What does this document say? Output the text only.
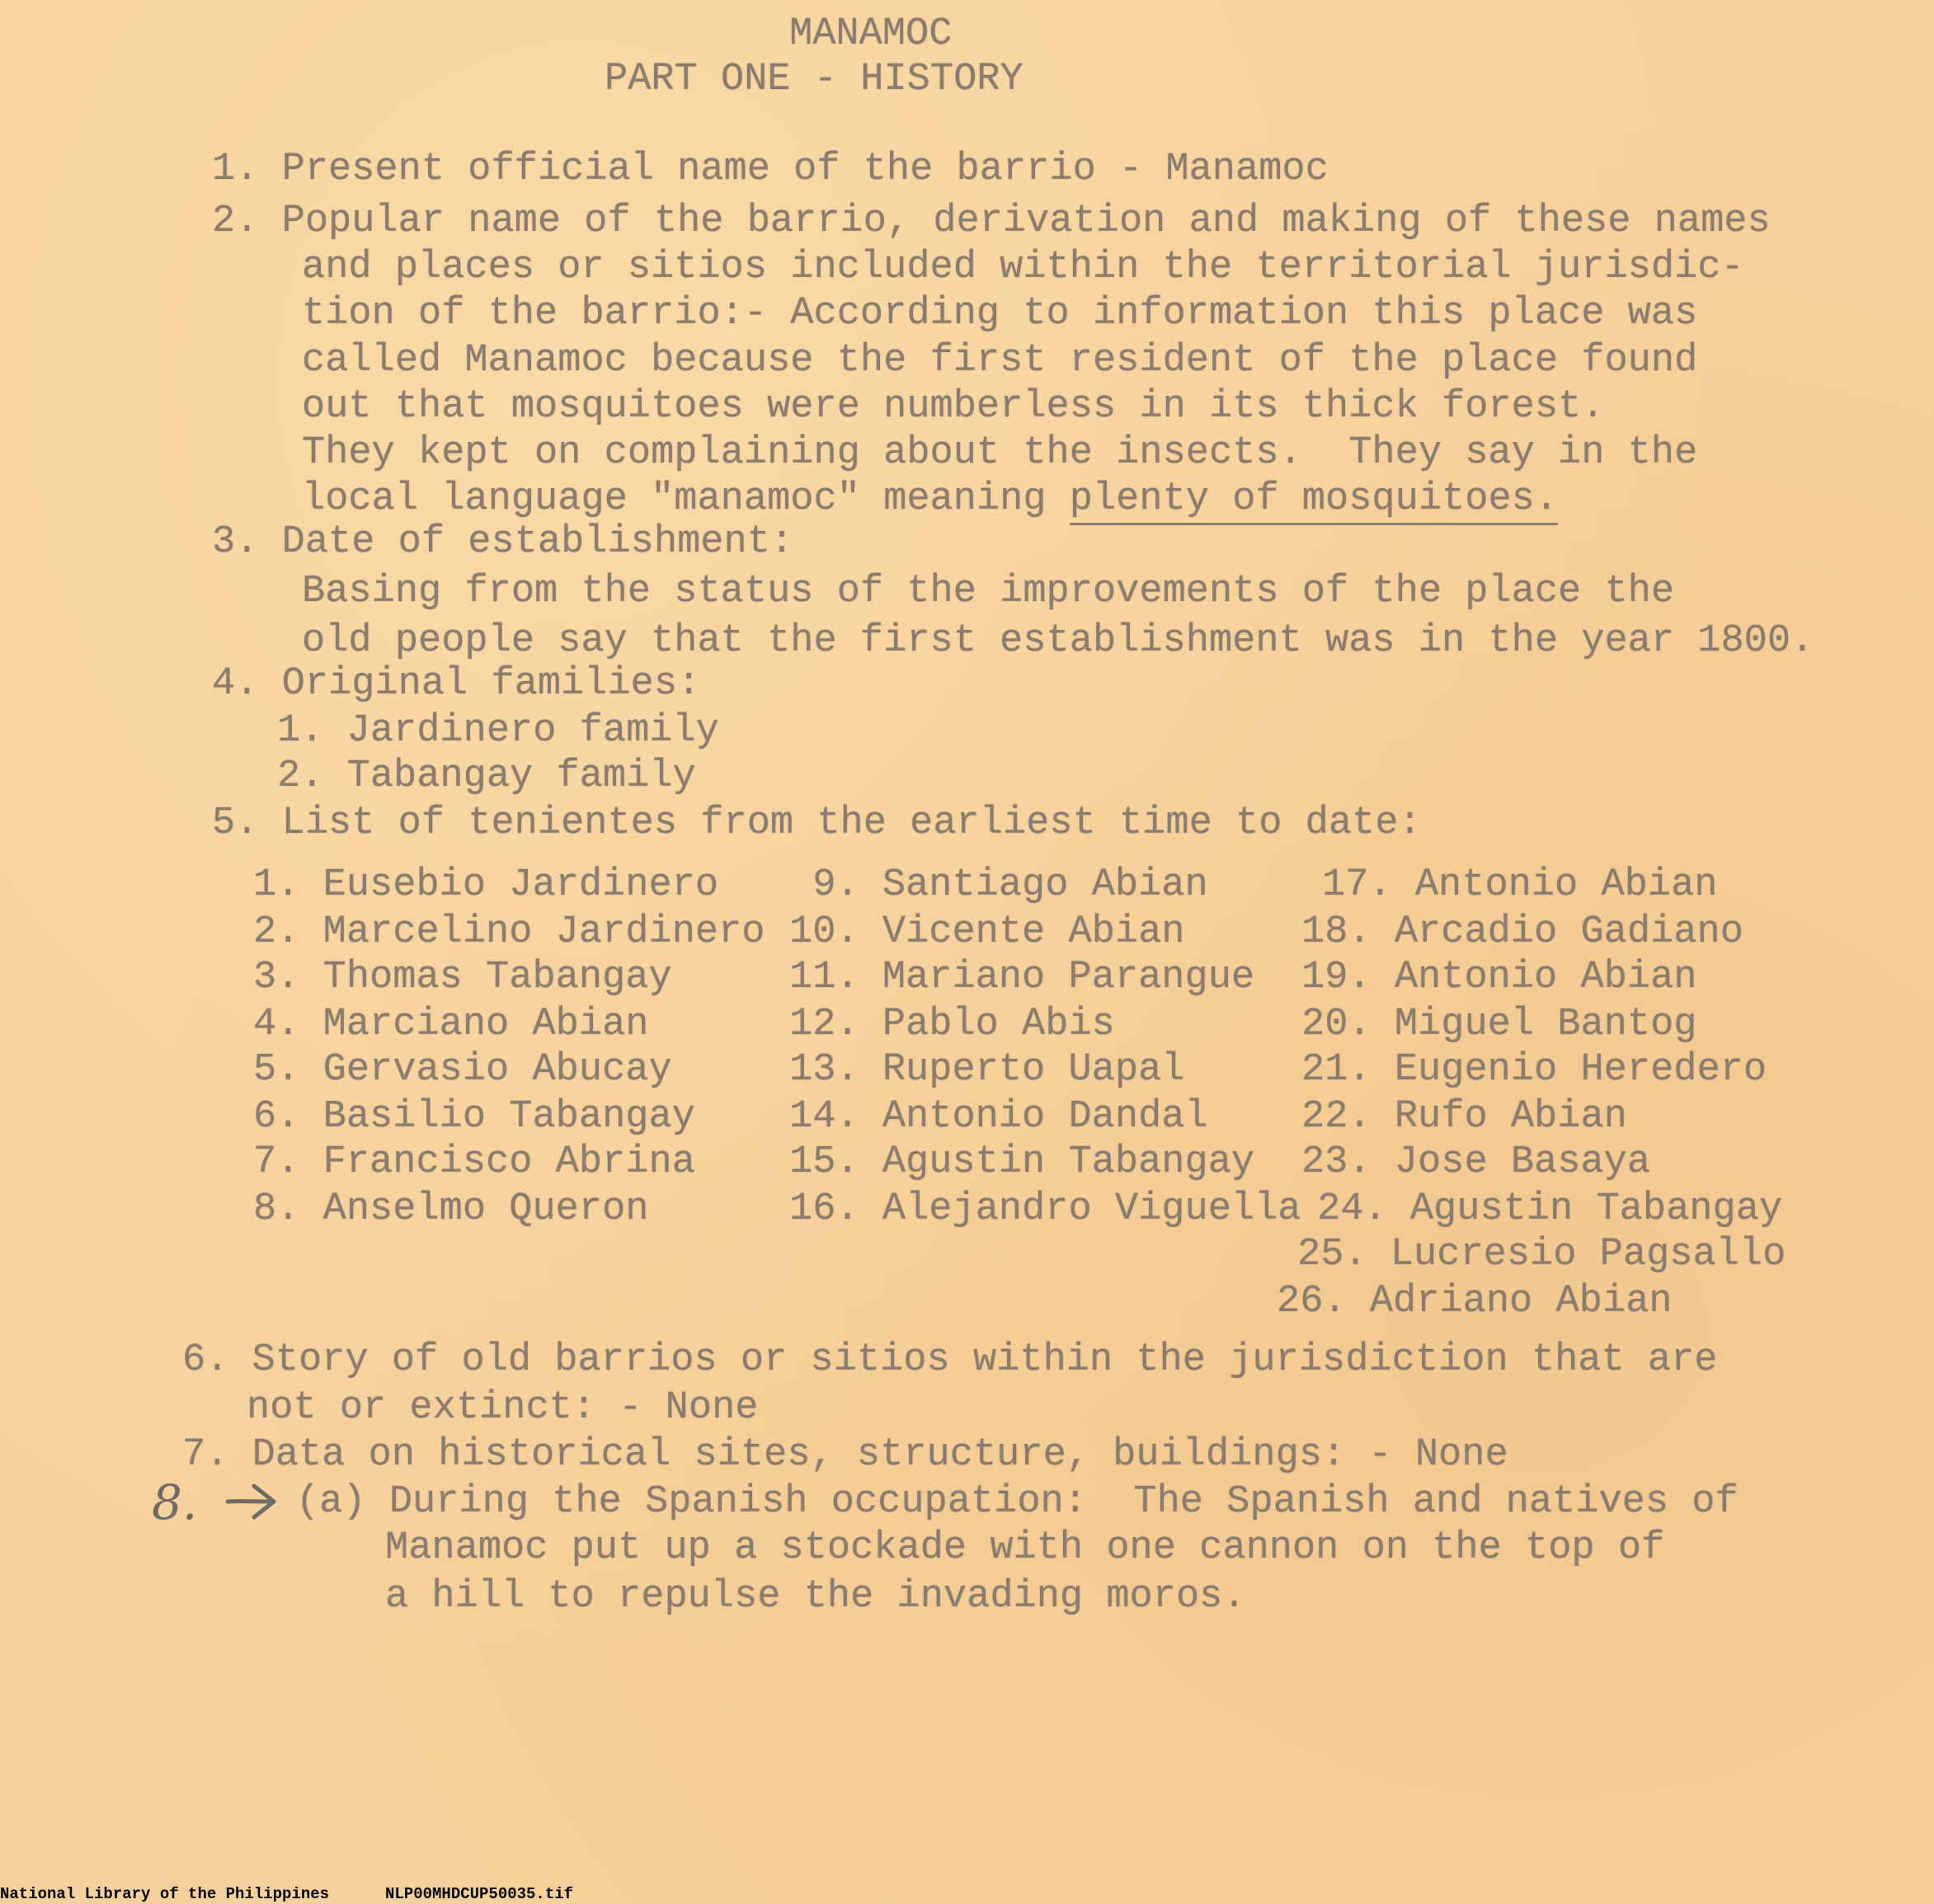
MANAMOC
PART ONE - HISTORY
1. Present official name of the barrio - Manamoc
2. Popular name of the barrio, derivation and making of these names
and places or sitios included within the territorial jurisdic-
tion of the barrio:- According to information this place was
called Manamoc because the first resident of the place found
out that mosquitoes were numberless in its thick forest.
They kept on complaining about the insects.  They say in the
local language "manamoc" meaning plenty of mosquitoes.
3. Date of establishment:
Basing from the status of the improvements of the place the
old people say that the first establishment was in the year 1800.
4. Original families:
1. Jardinero family
2. Tabangay family
5. List of tenientes from the earliest time to date:
1. Eusebio Jardinero
2. Marcelino Jardinero
3. Thomas Tabangay
4. Marciano Abian
5. Gervasio Abucay
6. Basilio Tabangay
7. Francisco Abrina
8. Anselmo Queron
9. Santiago Abian
10. Vicente Abian
11. Mariano Parangue
12. Pablo Abis
13. Ruperto Uapal
14. Antonio Dandal
15. Agustin Tabangay
16. Alejandro Viguella
17. Antonio Abian
18. Arcadio Gadiano
19. Antonio Abian
20. Miguel Bantog
21. Eugenio Heredero
22. Rufo Abian
23. Jose Basaya
24. Agustin Tabangay
25. Lucresio Pagsallo
26. Adriano Abian
6. Story of old barrios or sitios within the jurisdiction that are
not or extinct: - None
7. Data on historical sites, structure, buildings: - None
8.	(a) During the Spanish occupation:  The Spanish and natives of
Manamoc put up a stockade with one cannon on the top of
a hill to repulse the invading moros.
National Library of the Philippines	NLP00MHDCUP50035.tif
